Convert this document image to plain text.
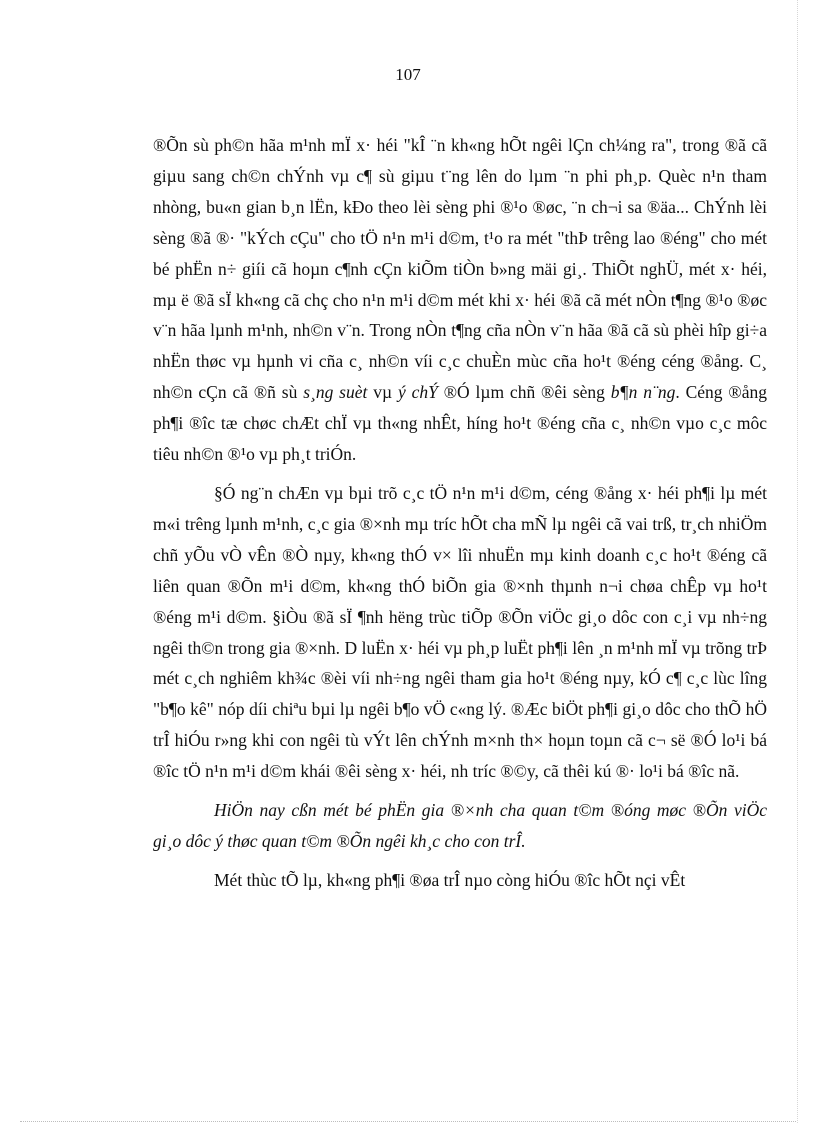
107

®Õn sù ph©n hãa m¹nh mÏ x· héi "kÎ ¨n kh«ng hÕt ngêi lÇn ch¼ng ra", trong ®ã cã giµu sang ch©n chÝnh vµ c¶ sù giµu t¨ng lên do lµm ¨n phi ph¸p. Quèc n¹n tham nhòng, bu«n gian b¸n lËn, kÐo theo lèi sèng phi ®¹o ®øc, ¨n ch¬i sa ®äa... ChÝnh lèi sèng ®ã ®· "kÝch cÇu" cho tÖ n¹n m¹i d©m, t¹o ra mét "thÞ trêng lao ®éng" cho mét bé phËn n÷ giíi cã hoµn c¶nh cÇn kiÕm tiÒn b»ng mäi gi¸. ThiÕt nghÜ, mét x· héi, mµ ë ®ã sÏ kh«ng cã chç cho n¹n m¹i d©m mét khi x· héi ®ã cã mét nÒn t¶ng ®¹o ®øc v¨n hãa lµnh m¹nh, nh©n v¨n. Trong nÒn t¶ng cña nÒn v¨n hãa ®ã cã sù phèi hîp gi÷a nhËn thøc vµ hµnh vi cña c¸ nh©n víi c¸c chuÈn mùc cña ho¹t ®éng céng ®ång. C¸ nh©n cÇn cã ®ñ sù s¸ng suèt vµ ý chÝ ®Ó lµm chñ ®êi sèng b¶n n¨ng. Céng ®ång ph¶i ®îc tæ chøc chÆt chÏ vµ th«ng nhÊt, híng ho¹t ®éng cña c¸ nh©n vµo c¸c môc tiêu nh©n ®¹o vµ ph¸t triÓn.

§Ó ng¨n chÆn vµ bµi trõ c¸c tÖ n¹n m¹i d©m, céng ®ång x· héi ph¶i lµ mét m«i trêng lµnh m¹nh, c¸c gia ®×nh mµ tríc hÕt cha mÑ lµ ngêi cã vai trß, tr¸ch nhiÖm chñ yÕu vÒ vÊn ®Ò nµy, kh«ng thÓ v× lîi nhuËn mµ kinh doanh c¸c ho¹t ®éng cã liên quan ®Õn m¹i d©m, kh«ng thÓ biÕn gia ®×nh thµnh n¬i chøa chÊp vµ ho¹t ®éng m¹i d©m. §iÒu ®ã sÏ ¶nh hëng trùc tiÕp ®Õn viÖc gi¸o dôc con c¸i vµ nh÷ng ngêi th©n trong gia ®×nh. D luËn x· héi vµ ph¸p luËt ph¶i lên ¸n m¹nh mÏ vµ trõng trÞ mét c¸ch nghiêm kh¾c ®èi víi nh÷ng ngêi tham gia ho¹t ®éng nµy, kÓ c¶ c¸c lùc lîng "b¶o kê" nóp díi chiªu bµi lµ ngêi b¶o vÖ c«ng lý. ®Æc biÖt ph¶i gi¸o dôc cho thÕ hÖ trÎ hiÓu r»ng khi con ngêi tù vÝt lên chÝnh m×nh th× hoµn toµn cã c¬ së ®Ó lo¹i bá ®îc tÖ n¹n m¹i d©m khái ®êi sèng x· héi, nh tríc ®©y, cã thêi kú ®· lo¹i bá ®îc nã.

HiÖn nay cßn mét bé phËn gia ®×nh cha quan t©m ®óng møc ®Õn viÖc gi¸o dôc ý thøc quan t©m ®Õn ngêi kh¸c cho con trÎ.

Mét thùc tÕ lµ, kh«ng ph¶i ®øa trÎ nµo còng hiÓu ®îc hÕt nçi vÊt
